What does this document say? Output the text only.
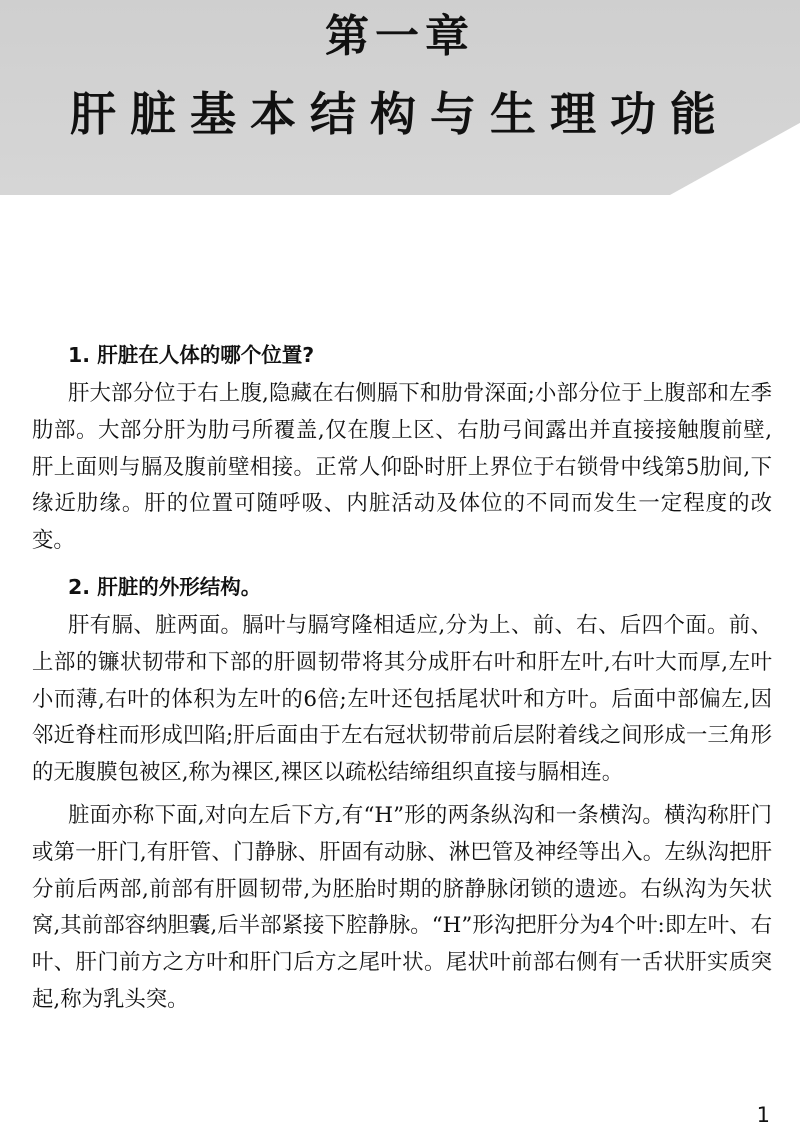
第一章
肝脏基本结构与生理功能

1. 肝脏在人体的哪个位置?

肝大部分位于右上腹,隐藏在右侧膈下和肋骨深面;小部分位于上腹部和左季肋部。大部分肝为肋弓所覆盖,仅在腹上区、右肋弓间露出并直接接触腹前壁,肝上面则与膈及腹前壁相接。正常人仰卧时肝上界位于右锁骨中线第5肋间,下缘近肋缘。肝的位置可随呼吸、内脏活动及体位的不同而发生一定程度的改变。

2. 肝脏的外形结构。

肝有膈、脏两面。膈叶与膈穹隆相适应,分为上、前、右、后四个面。前、上部的镰状韧带和下部的肝圆韧带将其分成肝右叶和肝左叶,右叶大而厚,左叶小而薄,右叶的体积为左叶的6倍;左叶还包括尾状叶和方叶。后面中部偏左,因邻近脊柱而形成凹陷;肝后面由于左右冠状韧带前后层附着线之间形成一三角形的无腹膜包被区,称为裸区,裸区以疏松结缔组织直接与膈相连。

脏面亦称下面,对向左后下方,有“H”形的两条纵沟和一条横沟。横沟称肝门或第一肝门,有肝管、门静脉、肝固有动脉、淋巴管及神经等出入。左纵沟把肝分前后两部,前部有肝圆韧带,为胚胎时期的脐静脉闭锁的遗迹。右纵沟为矢状窝,其前部容纳胆囊,后半部紧接下腔静脉。“H”形沟把肝分为4个叶:即左叶、右叶、肝门前方之方叶和肝门后方之尾叶状。尾状叶前部右侧有一舌状肝实质突起,称为乳头突。

1
